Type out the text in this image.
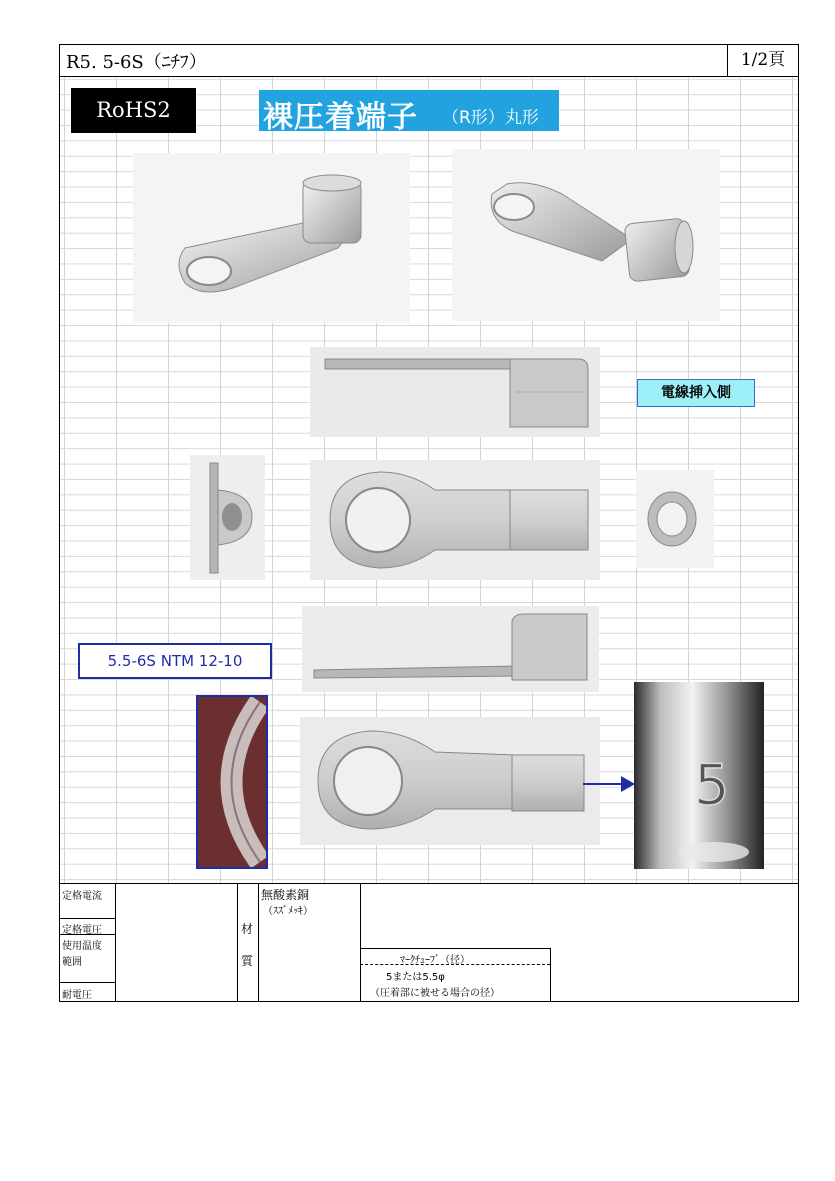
R5. 5-6S（ﾆﾁﾌ）	1/2頁
RoHS2	裸圧着端子 （R形）丸形
電線挿入側
5.5-6S NTM 12-10
5
定格電流
定格電圧
使用温度
範囲
耐電圧
材
質
無酸素銅
（ｽｽﾞﾒｯｷ）
ﾏｰｸﾁｭｰﾌﾞ（径）
5または5.5φ
（圧着部に被せる場合の径）
